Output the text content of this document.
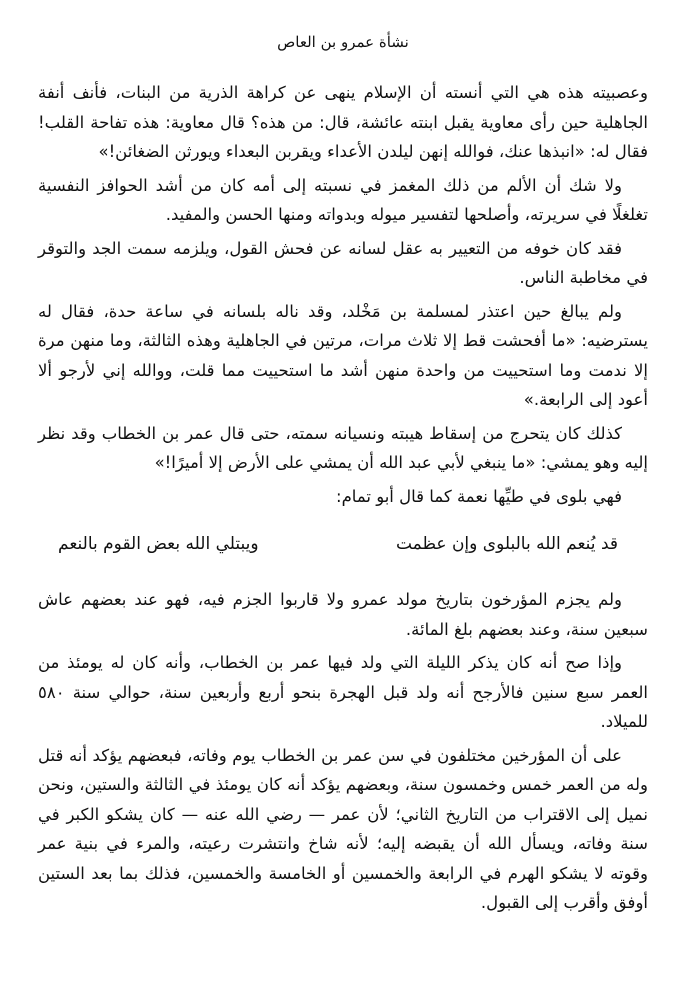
نشأة عمرو بن العاص

وعصبيته هذه هي التي أنسته أن الإسلام ينهى عن كراهة الذرية من البنات، فأنف أنفة الجاهلية حين رأى معاوية يقبل ابنته عائشة، قال: من هذه؟ قال معاوية: هذه تفاحة القلب! فقال له: «انبذها عنك، فوالله إنهن ليلدن الأعداء ويقربن البعداء ويورثن الضغائن!»

ولا شك أن الألم من ذلك المغمز في نسبته إلى أمه كان من أشد الحوافز النفسية تغلغلًا في سريرته، وأصلحها لتفسير ميوله وبدواته ومنها الحسن والمفيد.

فقد كان خوفه من التعيير به عقل لسانه عن فحش القول، ويلزمه سمت الجد والتوقر في مخاطبة الناس.

ولم يبالغ حين اعتذر لمسلمة بن مَخْلد، وقد ناله بلسانه في ساعة حدة، فقال له يسترضيه: «ما أفحشت قط إلا ثلاث مرات، مرتين في الجاهلية وهذه الثالثة، وما منهن مرة إلا ندمت وما استحييت من واحدة منهن أشد ما استحييت مما قلت، ووالله إني لأرجو ألا أعود إلى الرابعة.»

كذلك كان يتحرج من إسقاط هيبته ونسيانه سمته، حتى قال عمر بن الخطاب وقد نظر إليه وهو يمشي: «ما ينبغي لأبي عبد الله أن يمشي على الأرض إلا أميرًا!»

فهي بلوى في طيِّها نعمة كما قال أبو تمام:

قد يُنعم الله بالبلوى وإن عظمت
ويبتلي الله بعض القوم بالنعم

ولم يجزم المؤرخون بتاريخ مولد عمرو ولا قاربوا الجزم فيه، فهو عند بعضهم عاش سبعين سنة، وعند بعضهم بلغ المائة.

وإذا صح أنه كان يذكر الليلة التي ولد فيها عمر بن الخطاب، وأنه كان له يومئذ من العمر سبع سنين فالأرجح أنه ولد قبل الهجرة بنحو أربع وأربعين سنة، حوالي سنة ٥٨٠ للميلاد.

على أن المؤرخين مختلفون في سن عمر بن الخطاب يوم وفاته، فبعضهم يؤكد أنه قتل وله من العمر خمس وخمسون سنة، وبعضهم يؤكد أنه كان يومئذ في الثالثة والستين، ونحن نميل إلى الاقتراب من التاريخ الثاني؛ لأن عمر — رضي الله عنه — كان يشكو الكبر في سنة وفاته، ويسأل الله أن يقبضه إليه؛ لأنه شاخ وانتشرت رعيته، والمرء في بنية عمر وقوته لا يشكو الهرم في الرابعة والخمسين أو الخامسة والخمسين، فذلك بما بعد الستين أوفق وأقرب إلى القبول.
